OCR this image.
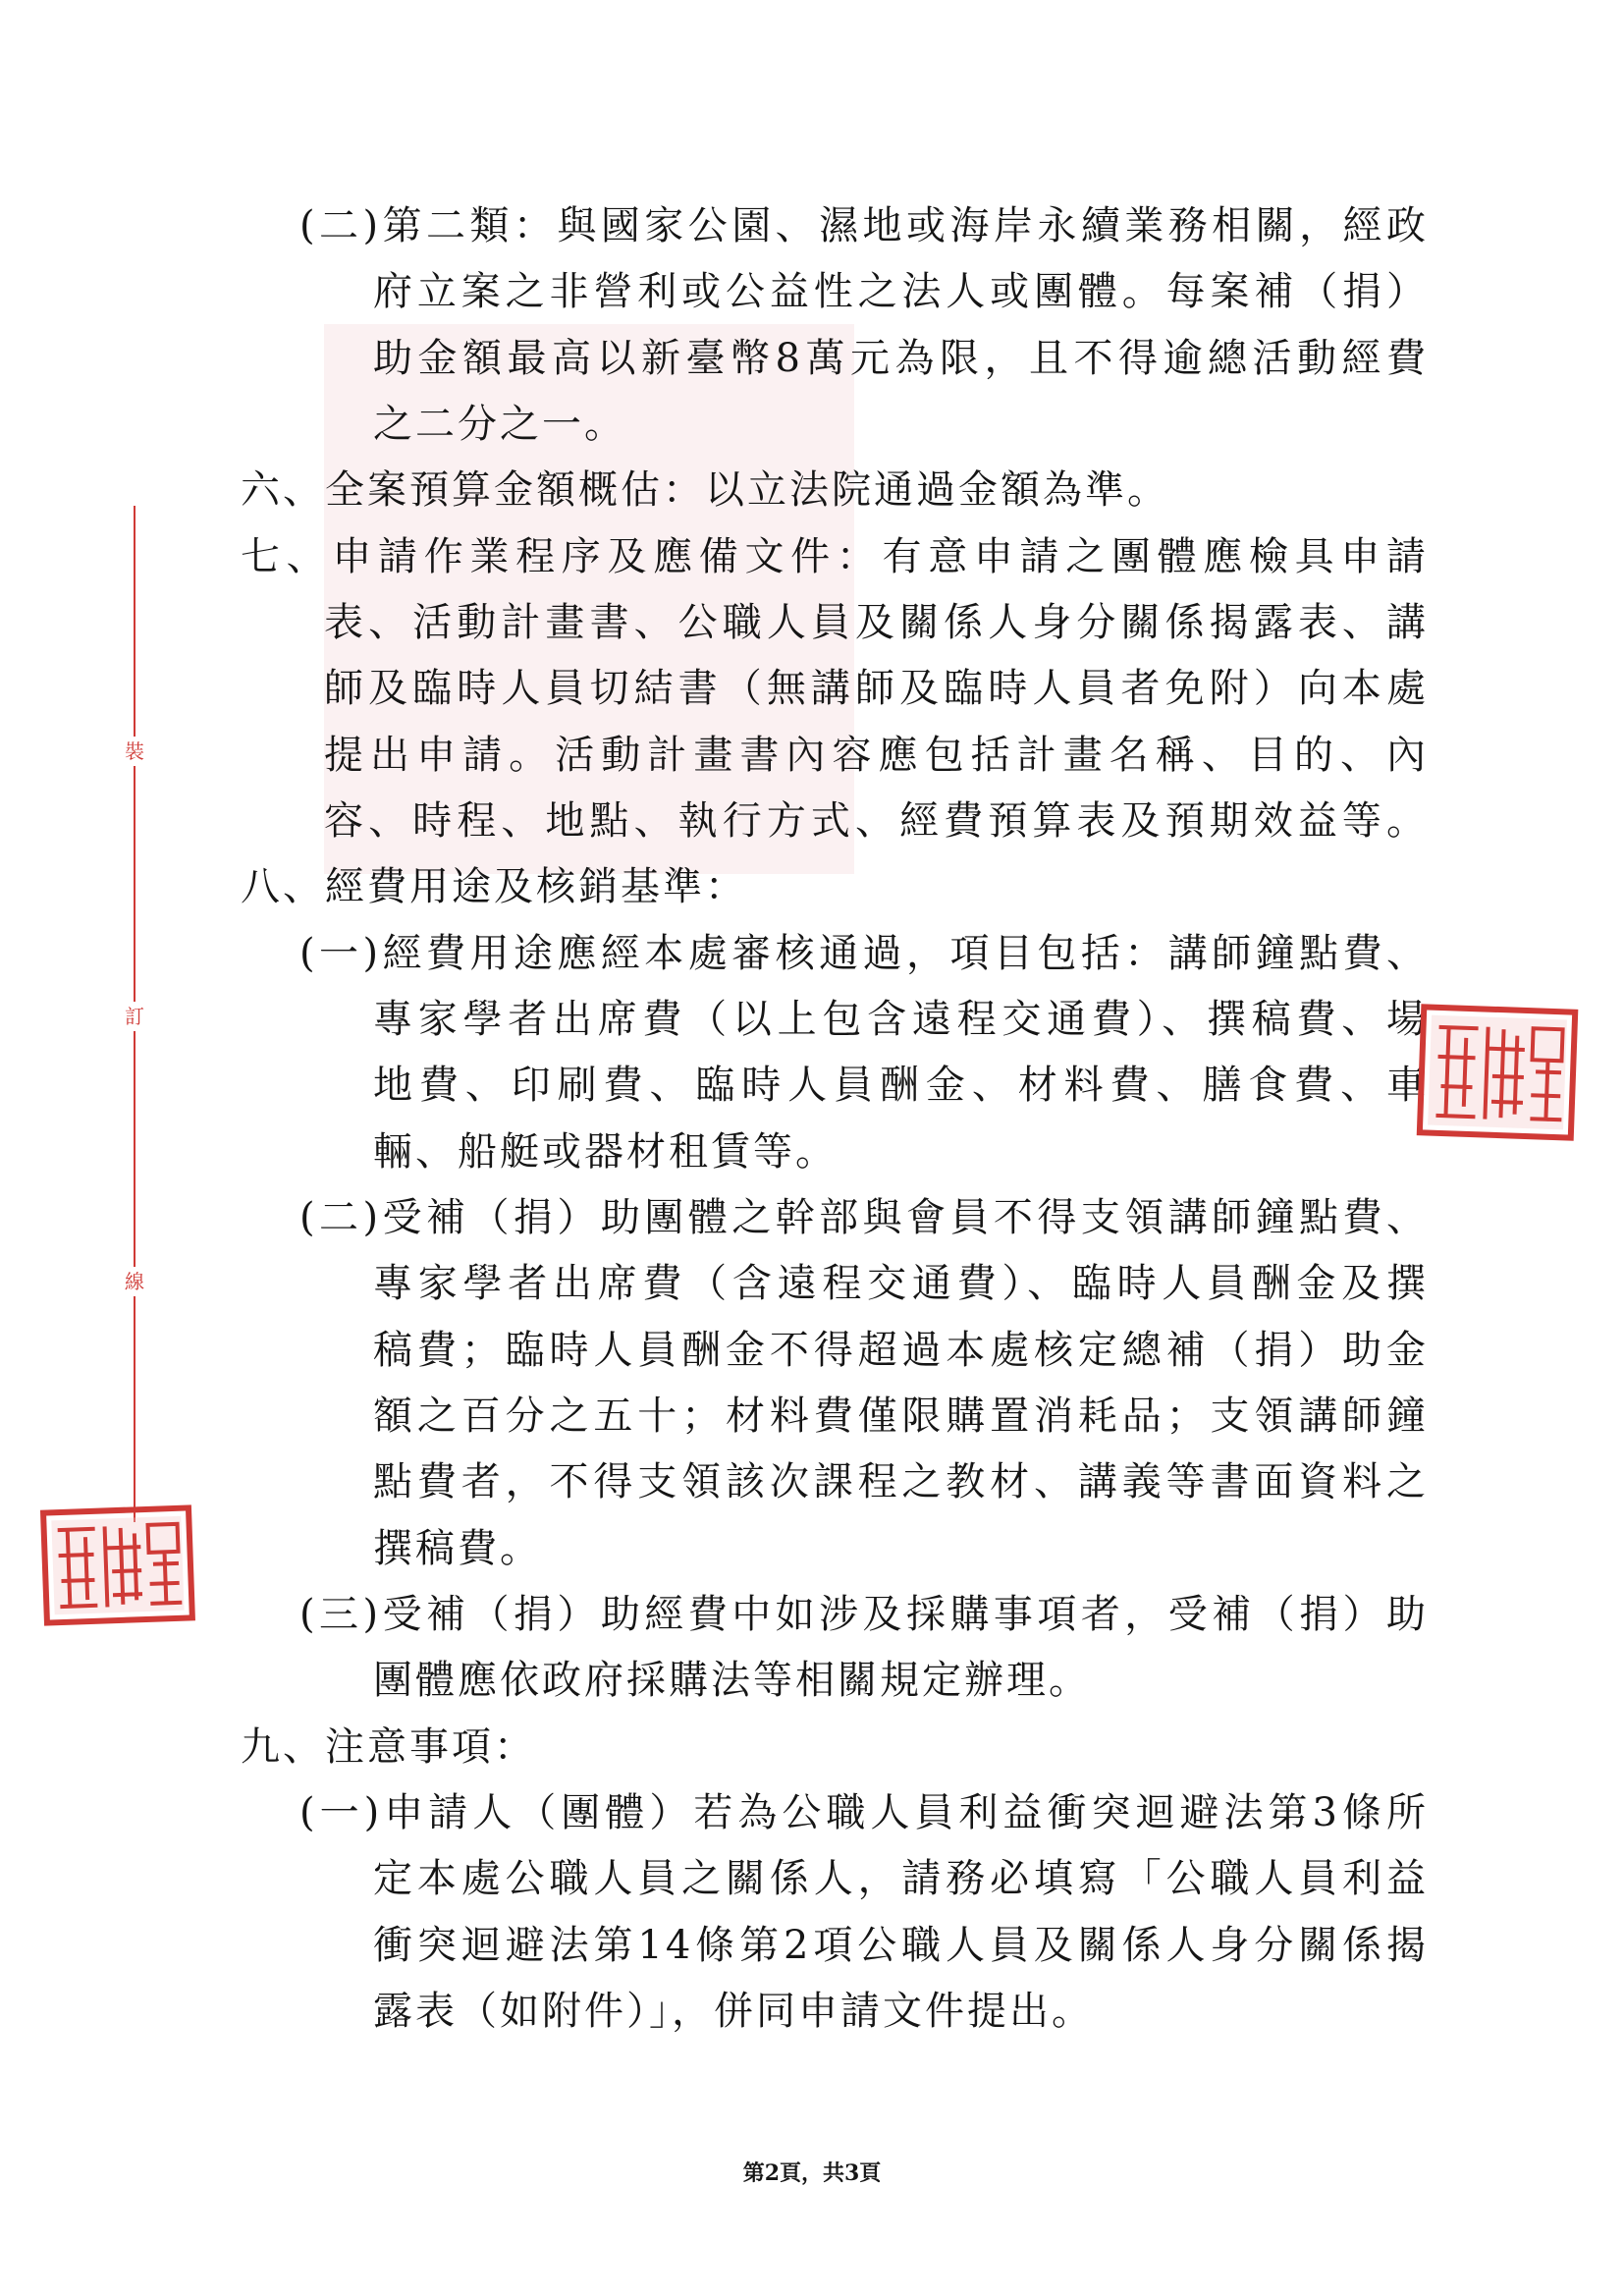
裝
訂
線
(二)第二類：與國家公園、濕地或海岸永續業務相關，經政
府立案之非營利或公益性之法人或團體。每案補（捐）
助金額最高以新臺幣8萬元為限，且不得逾總活動經費
之二分之一。
六、全案預算金額概估：以立法院通過金額為準。
七、申請作業程序及應備文件：有意申請之團體應檢具申請
表、活動計畫書、公職人員及關係人身分關係揭露表、講
師及臨時人員切結書（無講師及臨時人員者免附）向本處
提出申請。活動計畫書內容應包括計畫名稱、目的、內
容、時程、地點、執行方式、經費預算表及預期效益等。
八、經費用途及核銷基準：
(一)經費用途應經本處審核通過，項目包括：講師鐘點費、
專家學者出席費（以上包含遠程交通費）、撰稿費、場
地費、印刷費、臨時人員酬金、材料費、膳食費、車
輛、船艇或器材租賃等。
(二)受補（捐）助團體之幹部與會員不得支領講師鐘點費、
專家學者出席費（含遠程交通費）、臨時人員酬金及撰
稿費；臨時人員酬金不得超過本處核定總補（捐）助金
額之百分之五十；材料費僅限購置消耗品；支領講師鐘
點費者，不得支領該次課程之教材、講義等書面資料之
撰稿費。
(三)受補（捐）助經費中如涉及採購事項者，受補（捐）助
團體應依政府採購法等相關規定辦理。
九、注意事項：
(一)申請人（團體）若為公職人員利益衝突迴避法第3條所
定本處公職人員之關係人，請務必填寫「公職人員利益
衝突迴避法第14條第2項公職人員及關係人身分關係揭
露表（如附件）」，併同申請文件提出。
第2頁，共3頁
